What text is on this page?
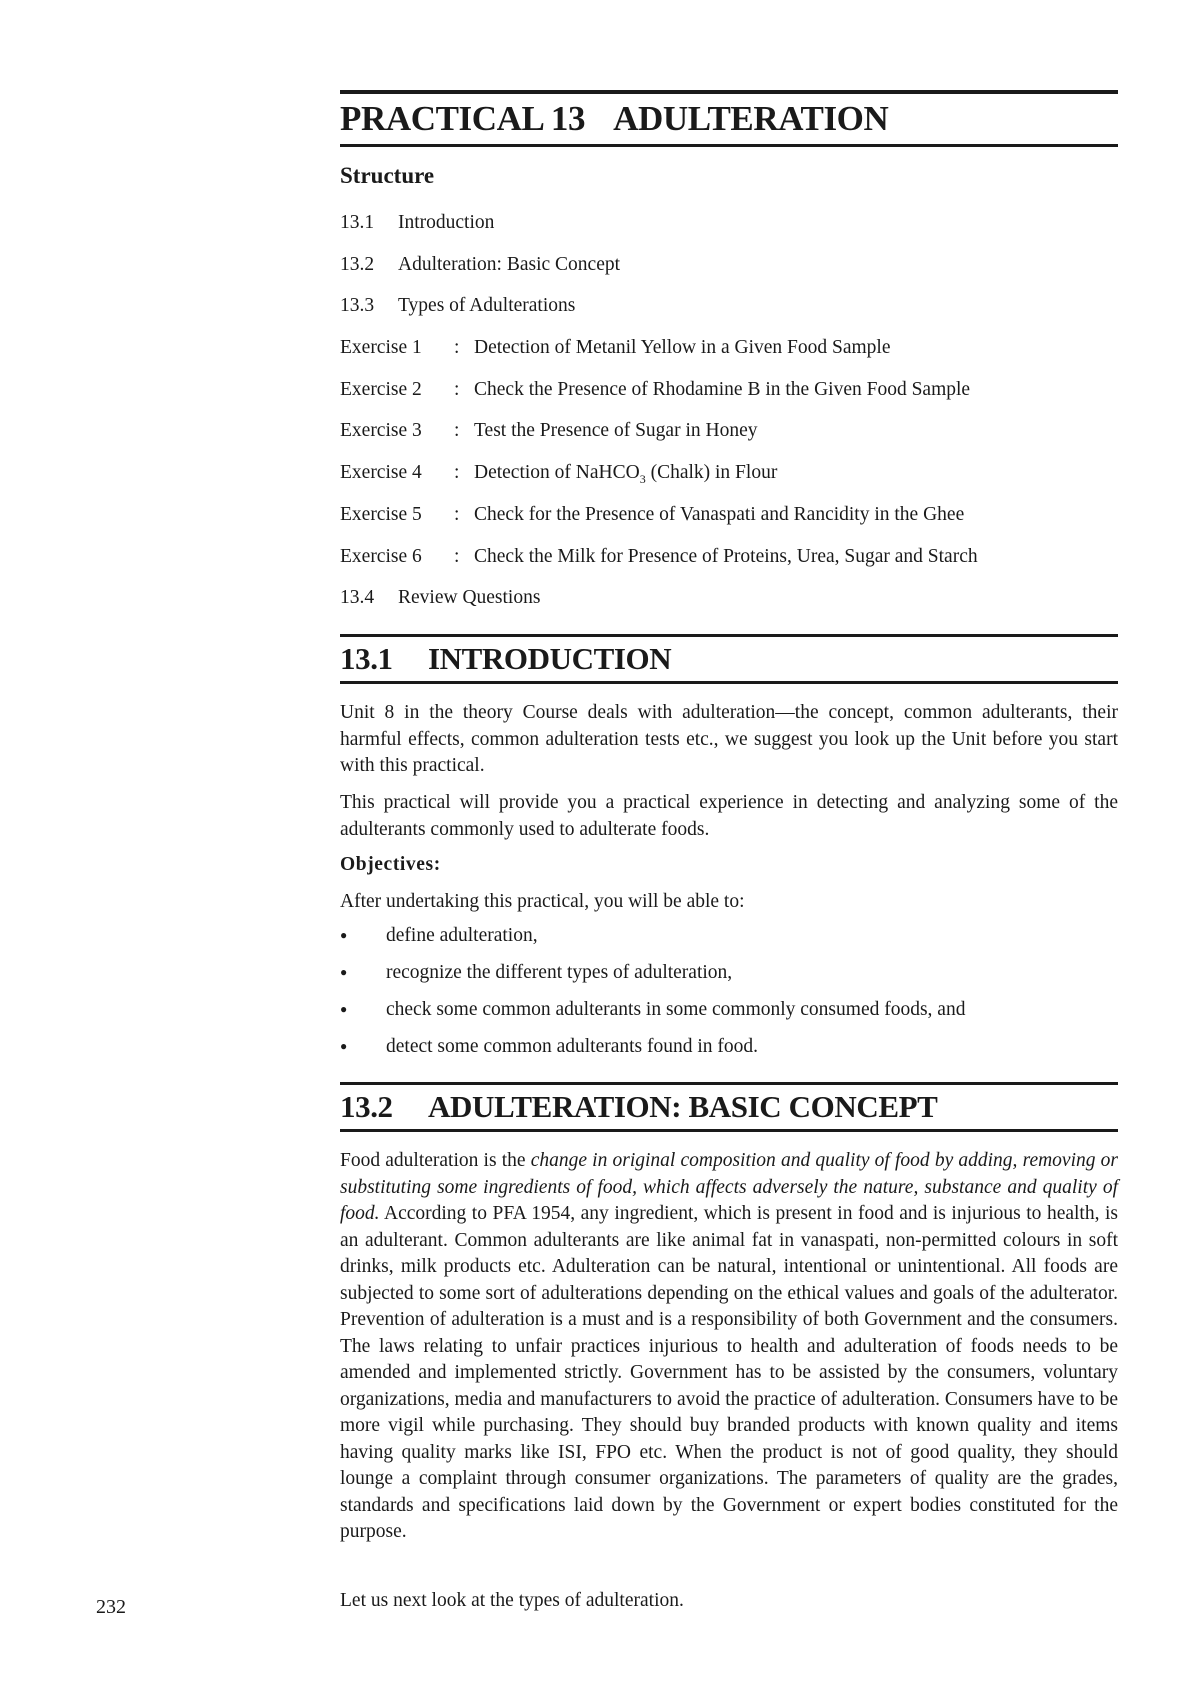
PRACTICAL 13 ADULTERATION
Structure
13.1 Introduction
13.2 Adulteration: Basic Concept
13.3 Types of Adulterations
Exercise 1 : Detection of Metanil Yellow in a Given Food Sample
Exercise 2 : Check the Presence of Rhodamine B in the Given Food Sample
Exercise 3 : Test the Presence of Sugar in Honey
Exercise 4 : Detection of NaHCO$_3$ (Chalk) in Flour
Exercise 5 : Check for the Presence of Vanaspati and Rancidity in the Ghee
Exercise 6 : Check the Milk for Presence of Proteins, Urea, Sugar and Starch
13.4 Review Questions
13.1 INTRODUCTION
Unit 8 in the theory Course deals with adulteration—the concept, common adulterants, their harmful effects, common adulteration tests etc., we suggest you look up the Unit before you start with this practical.
This practical will provide you a practical experience in detecting and analyzing some of the adulterants commonly used to adulterate foods.
Objectives:
After undertaking this practical, you will be able to:
● define adulteration,
● recognize the different types of adulteration,
● check some common adulterants in some commonly consumed foods, and
● detect some common adulterants found in food.
13.2 ADULTERATION: BASIC CONCEPT
Food adulteration is the change in original composition and quality of food by adding, removing or substituting some ingredients of food, which affects adversely the nature, substance and quality of food. According to PFA 1954, any ingredient, which is present in food and is injurious to health, is an adulterant. Common adulterants are like animal fat in vanaspati, non-permitted colours in soft drinks, milk products etc. Adulteration can be natural, intentional or unintentional. All foods are subjected to some sort of adulterations depending on the ethical values and goals of the adulterator. Prevention of adulteration is a must and is a responsibility of both Government and the consumers. The laws relating to unfair practices injurious to health and adulteration of foods needs to be amended and implemented strictly. Government has to be assisted by the consumers, voluntary organizations, media and manufacturers to avoid the practice of adulteration. Consumers have to be more vigil while purchasing. They should buy branded products with known quality and items having quality marks like ISI, FPO etc. When the product is not of good quality, they should lounge a complaint through consumer organizations. The parameters of quality are the grades, standards and specifications laid down by the Government or expert bodies constituted for the purpose.
Let us next look at the types of adulteration.
232
